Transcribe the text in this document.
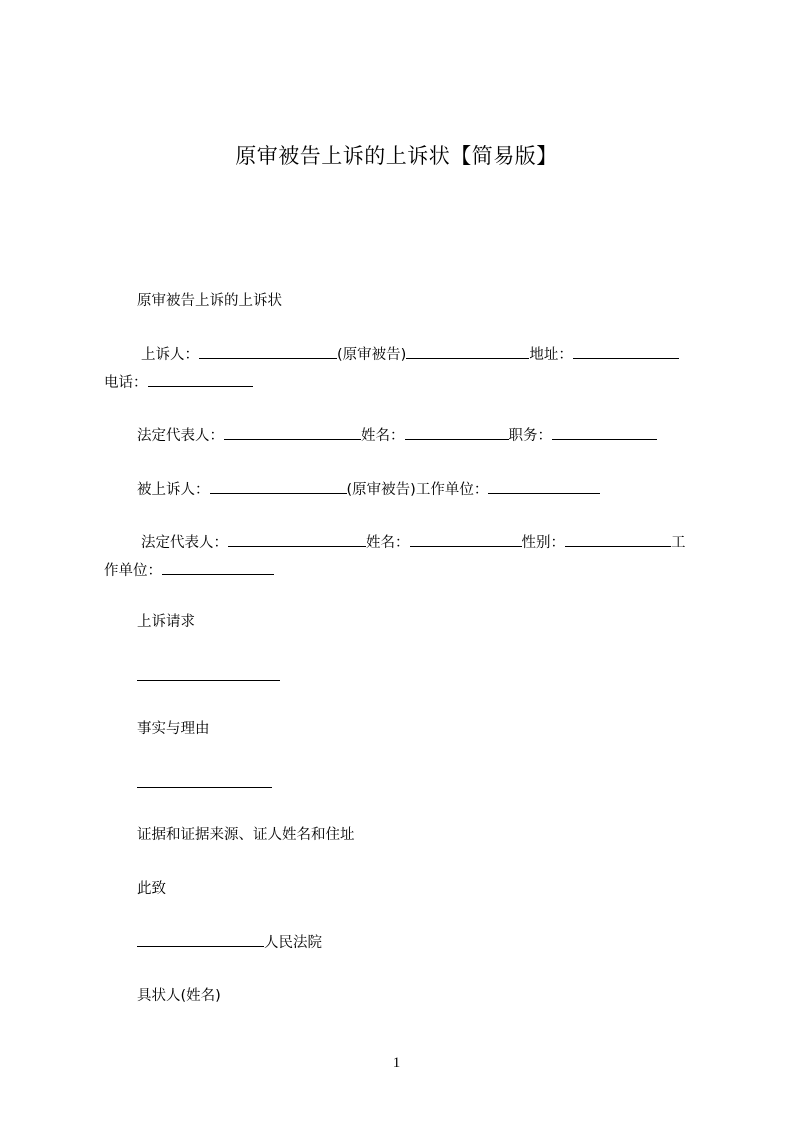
原审被告上诉的上诉状【简易版】
原审被告上诉的上诉状
上诉人：	(原审被告)	地址：
电话：
法定代表人：	姓名：	职务：
被上诉人：	(原审被告)工作单位：
法定代表人：	姓名：	性别：	工
作单位：
上诉请求
事实与理由
证据和证据来源、证人姓名和住址
此致
人民法院
具状人(姓名)
1
